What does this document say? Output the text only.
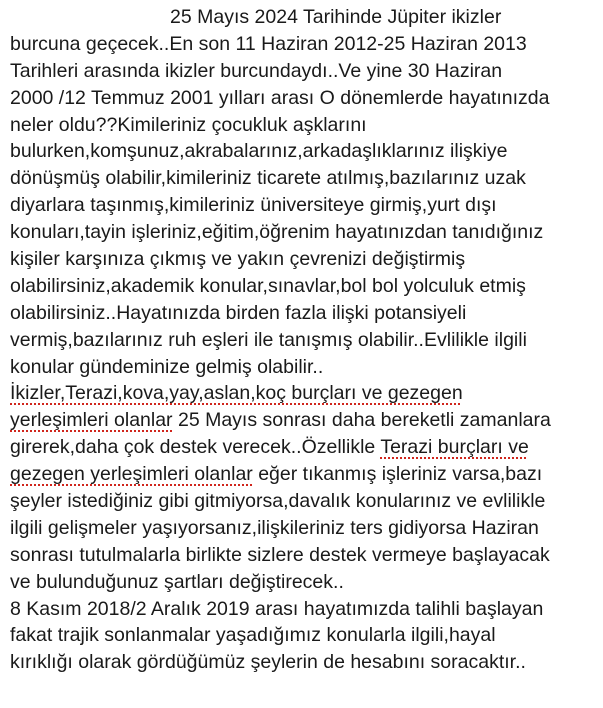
25 Mayıs 2024 Tarihinde Jüpiter ikizler
burcuna geçecek..En son 11 Haziran 2012-25 Haziran 2013
Tarihleri arasında ikizler burcundaydı..Ve yine 30 Haziran
2000 /12 Temmuz 2001 yılları arası O dönemlerde hayatınızda
neler oldu??Kimileriniz çocukluk aşklarını
bulurken,komşunuz,akrabalarınız,arkadaşlıklarınız ilişkiye
dönüşmüş olabilir,kimileriniz ticarete atılmış,bazılarınız uzak
diyarlara taşınmış,kimileriniz üniversiteye girmiş,yurt dışı
konuları,tayin işleriniz,eğitim,öğrenim hayatınızdan tanıdığınız
kişiler karşınıza çıkmış ve yakın çevrenizi değiştirmiş
olabilirsiniz,akademik konular,sınavlar,bol bol yolculuk etmiş
olabilirsiniz..Hayatınızda birden fazla ilişki potansiyeli
vermiş,bazılarınız ruh eşleri ile tanışmış olabilir..Evlilikle ilgili
konular gündeminize gelmiş olabilir..
İkizler,Terazi,kova,yay,aslan,koç burçları ve gezegen
yerleşimleri olanlar 25 Mayıs sonrası daha bereketli zamanlara
girerek,daha çok destek verecek..Özellikle Terazi burçları ve
gezegen yerleşimleri olanlar eğer tıkanmış işleriniz varsa,bazı
şeyler istediğiniz gibi gitmiyorsa,davalık konularınız ve evlilikle
ilgili gelişmeler yaşıyorsanız,ilişkileriniz ters gidiyorsa Haziran
sonrası tutulmalarla birlikte sizlere destek vermeye başlayacak
ve bulunduğunuz şartları değiştirecek..
8 Kasım 2018/2 Aralık 2019 arası hayatımızda talihli başlayan
fakat trajik sonlanmalar yaşadığımız konularla ilgili,hayal
kırıklığı olarak gördüğümüz şeylerin de hesabını soracaktır..
